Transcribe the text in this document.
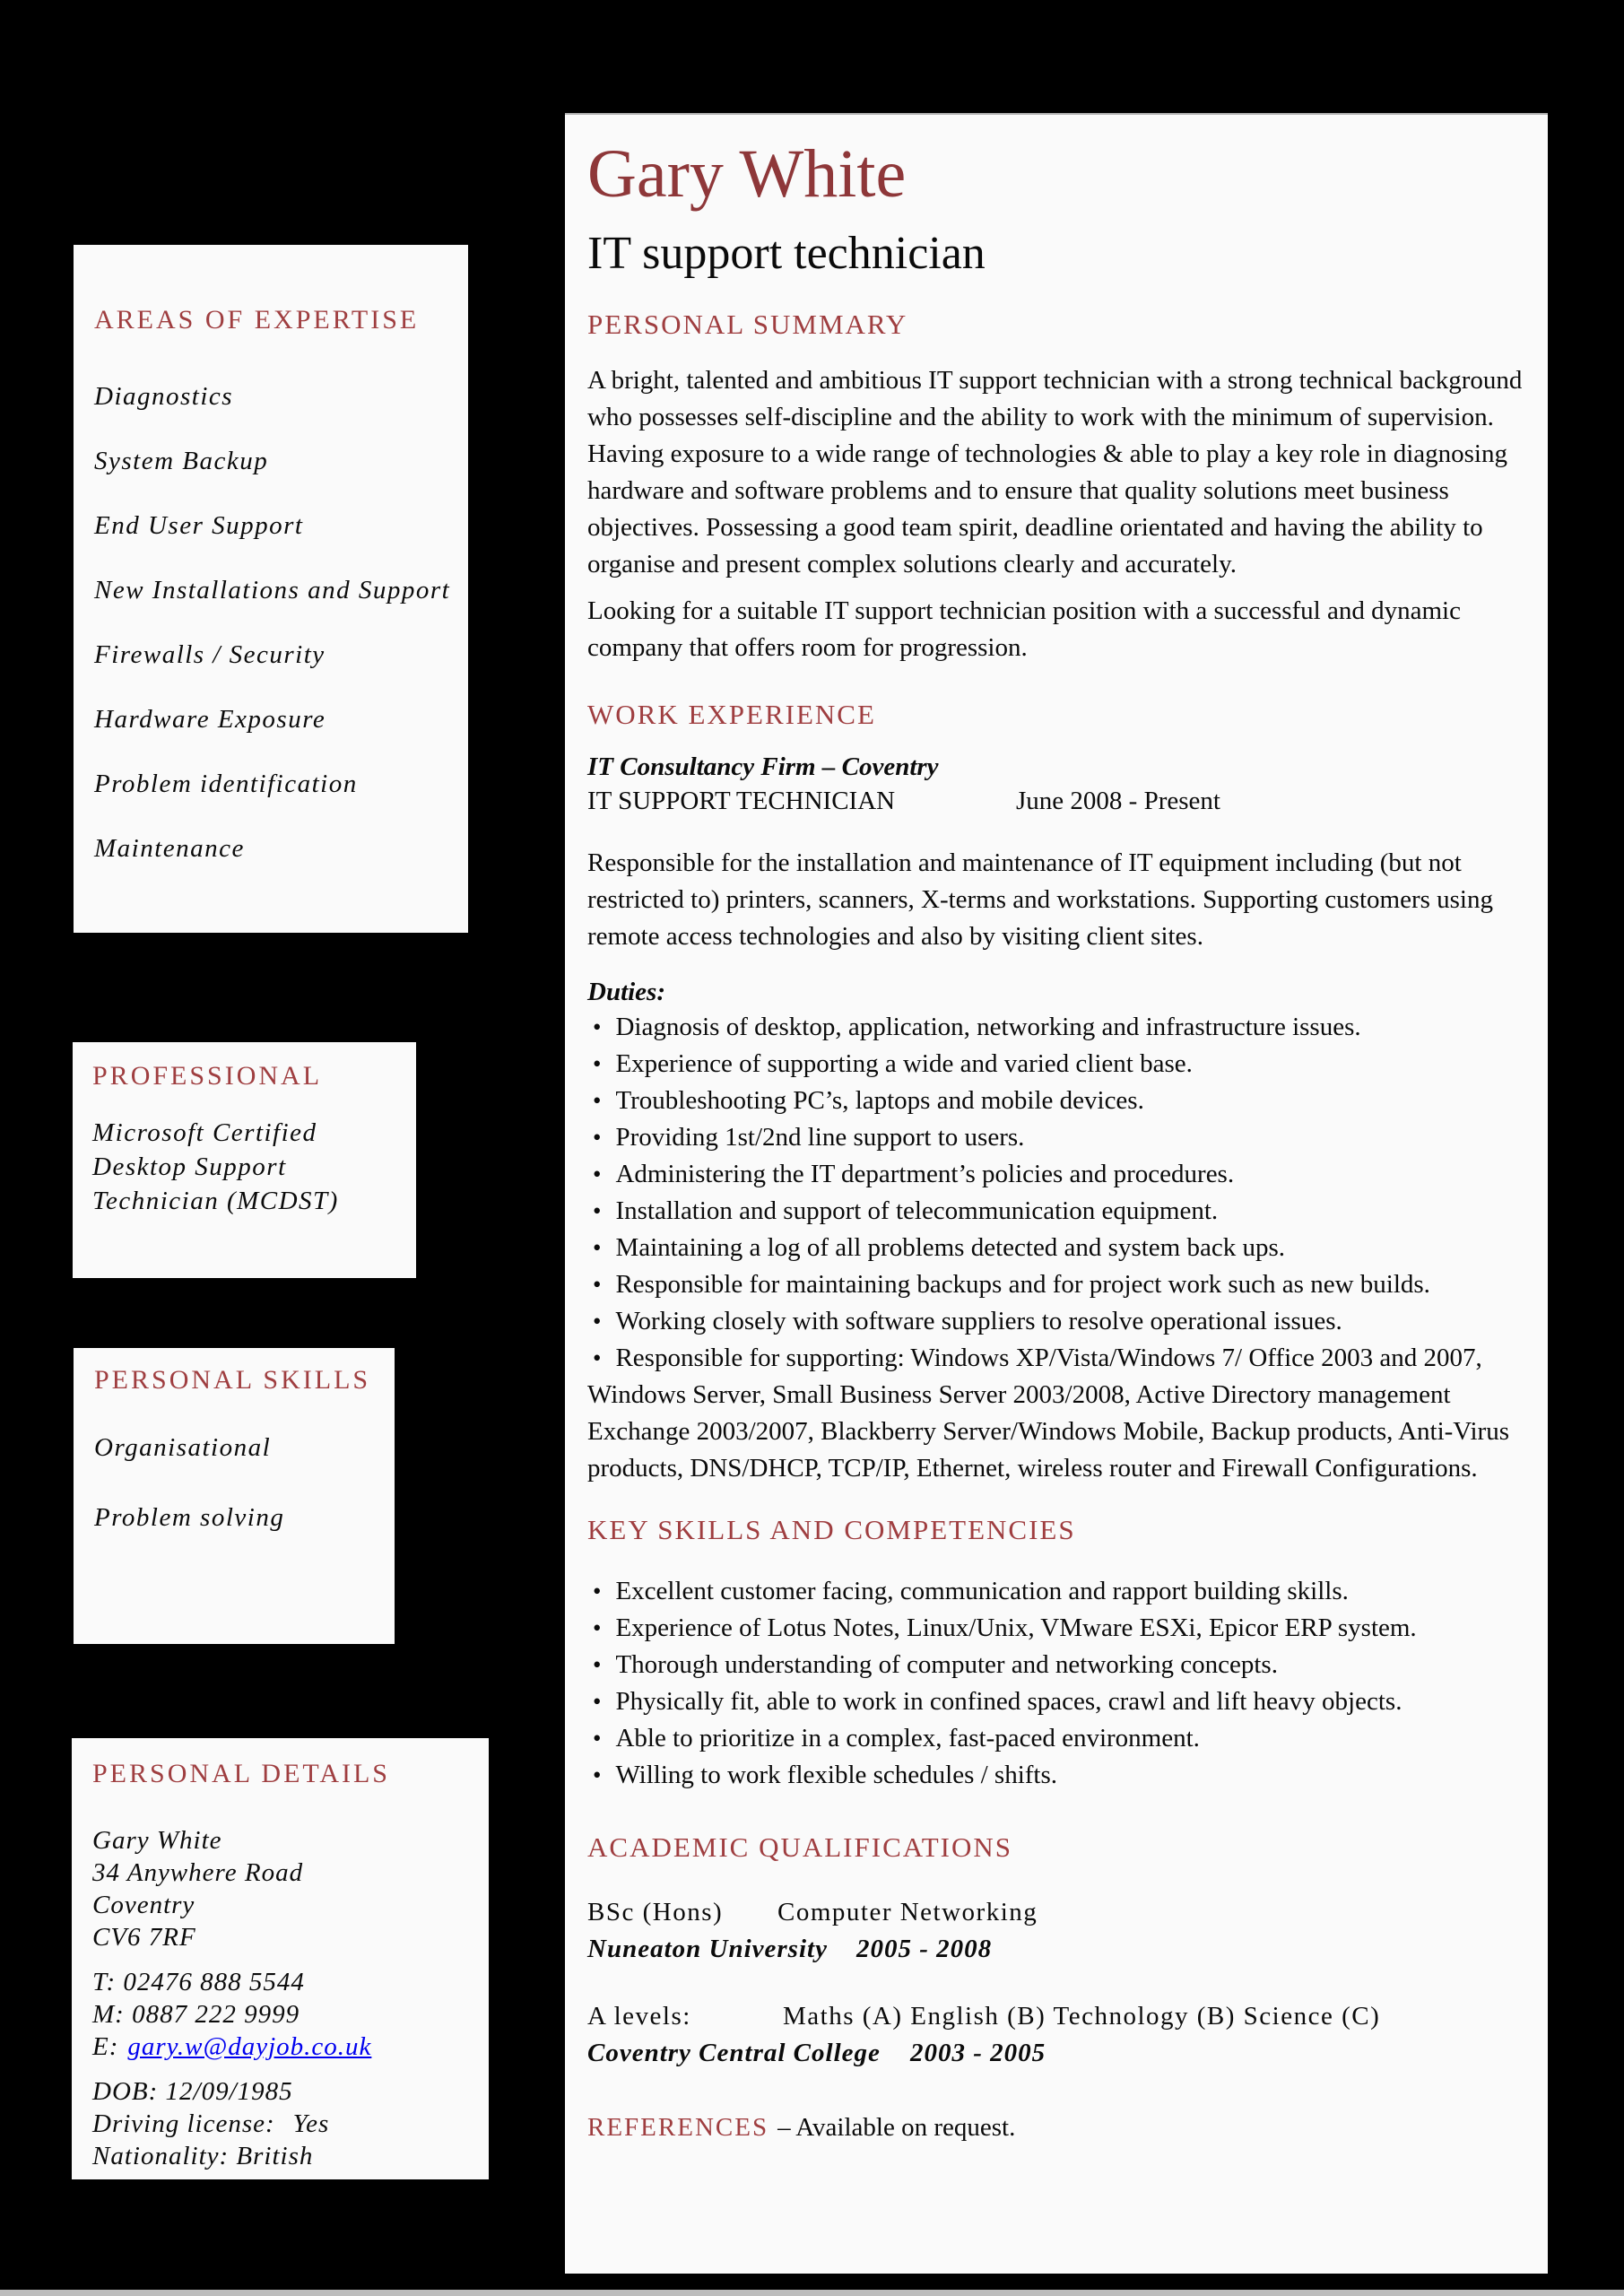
AREAS OF EXPERTISE

Diagnostics

System Backup

End User Support

New Installations and Support

Firewalls / Security

Hardware Exposure

Problem identification

Maintenance

PROFESSIONAL

Microsoft Certified

Desktop Support

Technician (MCDST)

PERSONAL SKILLS

Organisational

Problem solving

PERSONAL DETAILS

Gary White

34 Anywhere Road

Coventry

CV6 7RF

T: 02476 888 5544

M: 0887 222 9999

E: gary.w@dayjob.co.uk

DOB: 12/09/1985

Driving license: Yes

Nationality: British

Gary White
IT support technician
PERSONAL SUMMARY

A bright, talented and ambitious IT support technician with a strong technical background who possesses self-discipline and the ability to work with the minimum of supervision. Having exposure to a wide range of technologies & able to play a key role in diagnosing hardware and software problems and to ensure that quality solutions meet business objectives. Possessing a good team spirit, deadline orientated and having the ability to organise and present complex solutions clearly and accurately.

Looking for a suitable IT support technician position with a successful and dynamic company that offers room for progression.

WORK EXPERIENCE

IT Consultancy Firm – Coventry

IT SUPPORT TECHNICIAN	June 2008 - Present

Responsible for the installation and maintenance of IT equipment including (but not restricted to) printers, scanners, X-terms and workstations. Supporting customers using remote access technologies and also by visiting client sites.

Duties:

•Diagnosis of desktop, application, networking and infrastructure issues.
•Experience of supporting a wide and varied client base.
•Troubleshooting PC’s, laptops and mobile devices.
•Providing 1st/2nd line support to users.
•Administering the IT department’s policies and procedures.
•Installation and support of telecommunication equipment.
•Maintaining a log of all problems detected and system back ups.
•Responsible for maintaining backups and for project work such as new builds.
•Working closely with software suppliers to resolve operational issues.
•Responsible for supporting: Windows XP/Vista/Windows 7/ Office 2003 and 2007, Windows Server, Small Business Server 2003/2008, Active Directory management Exchange 2003/2007, Blackberry Server/Windows Mobile, Backup products, Anti-Virus products, DNS/DHCP, TCP/IP, Ethernet, wireless router and Firewall Configurations.
KEY SKILLS AND COMPETENCIES
•Excellent customer facing, communication and rapport building skills.
•Experience of Lotus Notes, Linux/Unix, VMware ESXi, Epicor ERP system.
•Thorough understanding of computer and networking concepts.
•Physically fit, able to work in confined spaces, crawl and lift heavy objects.
•Able to prioritize in a complex, fast-paced environment.
•Willing to work flexible schedules / shifts.
ACADEMIC QUALIFICATIONS

BSc (Hons) Computer Networking

Nuneaton University 2005 - 2008

A levels:	Maths (A) English (B) Technology (B) Science (C)

Coventry Central College 2003 - 2005

REFERENCES – Available on request.
